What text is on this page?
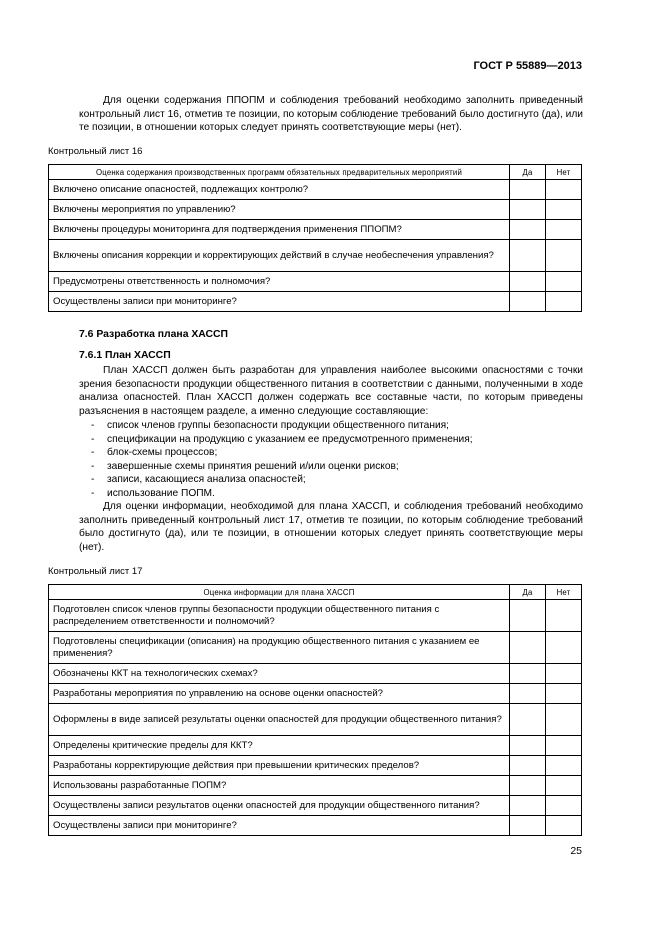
ГОСТ Р 55889—2013
Для оценки содержания ППОПМ и соблюдения требований необходимо заполнить приведенный контрольный лист 16, отметив те позиции, по которым соблюдение требований было достигнуто (да), или те позиции, в отношении которых следует принять соответствующие меры (нет).
Контрольный лист 16
Оценка содержания производственных программ обязательных предварительных мероприятий	Да	Нет
Включено описание опасностей, подлежащих контролю?		
Включены мероприятия по управлению?		
Включены процедуры мониторинга для подтверждения применения ППОПМ?		
Включены описания коррекции и корректирующих действий в случае необеспечения управления?		
Предусмотрены ответственность и полномочия?		
Осуществлены записи при мониторинге?		
7.6 Разработка плана ХАССП
7.6.1 План ХАССП
План ХАССП должен быть разработан для управления наиболее высокими опасностями с точки зрения безопасности продукции общественного питания в соответствии с данными, полученными в ходе анализа опасностей. План ХАССП должен содержать все составные части, по которым приведены разъяснения в настоящем разделе, а именно следующие составляющие:
- список членов группы безопасности продукции общественного питания;
- спецификации на продукцию с указанием ее предусмотренного применения;
- блок-схемы процессов;
- завершенные схемы принятия решений и/или оценки рисков;
- записи, касающиеся анализа опасностей;
- использование ПОПМ.
Для оценки информации, необходимой для плана ХАССП, и соблюдения требований необходимо заполнить приведенный контрольный лист 17, отметив те позиции, по которым соблюдение требований было достигнуто (да), или те позиции, в отношении которых следует принять соответствующие меры (нет).
Контрольный лист 17
Оценка информации для плана ХАССП	Да	Нет
Подготовлен список членов группы безопасности продукции общественного питания с распределением ответственности и полномочий?		
Подготовлены спецификации (описания) на продукцию общественного питания с указанием ее применения?		
Обозначены ККТ на технологических схемах?		
Разработаны мероприятия по управлению на основе оценки опасностей?		
Оформлены в виде записей результаты оценки опасностей для продукции общественного питания?		
Определены критические пределы для ККТ?		
Разработаны корректирующие действия при превышении критических пределов?		
Использованы разработанные ПОПМ?		
Осуществлены записи результатов оценки опасностей для продукции общественного питания?		
Осуществлены записи при мониторинге?		
25
